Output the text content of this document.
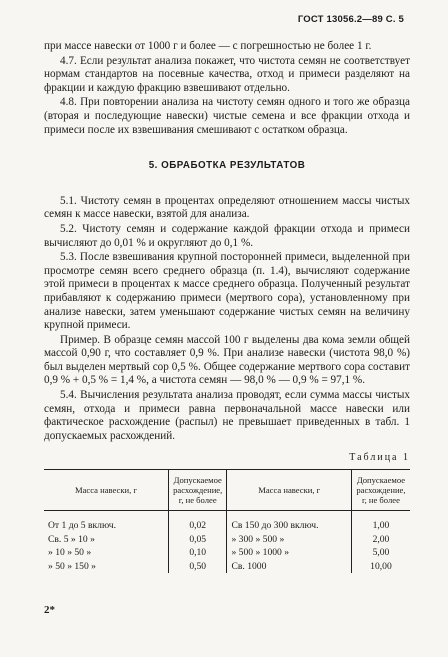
ГОСТ 13056.2—89 С. 5

при массе навески от 1000 г и более — с погрешностью не более 1 г.

4.7. Если результат анализа покажет, что чистота семян не соответствует нормам стандартов на посевные качества, отход и примеси разделяют на фракции и каждую фракцию взвешивают отдельно.

4.8. При повторении анализа на чистоту семян одного и того же образца (вторая и последующие навески) чистые семена и все фракции отхода и примеси после их взвешивания смешивают с остатком образца.

5. ОБРАБОТКА РЕЗУЛЬТАТОВ

5.1. Чистоту семян в процентах определяют отношением массы чистых семян к массе навески, взятой для анализа.

5.2. Чистоту семян и содержание каждой фракции отхода и примеси вычисляют до 0,01 % и округляют до 0,1 %.

5.3. После взвешивания крупной посторонней примеси, выделенной при просмотре семян всего среднего образца (п. 1.4), вычисляют содержание этой примеси в процентах к массе среднего образца. Полученный результат прибавляют к содержанию примеси (мертвого сора), установленному при анализе навески, затем уменьшают содержание чистых семян на величину крупной примеси.

Пример. В образце семян массой 100 г выделены два кома земли общей массой 0,90 г, что составляет 0,9 %. При анализе навески (чистота 98,0 %) был выделен мертвый сор 0,5 %. Общее содержание мертвого сора составит 0,9 % + 0,5 % = 1,4 %, а чистота семян — 98,0 % — 0,9 % = 97,1 %.

5.4. Вычисления результата анализа проводят, если сумма массы чистых семян, отхода и примеси равна первоначальной массе навески или фактическое расхождение (распыл) не превышает приведенных в табл. 1 допускаемых расхождений.

Таблица 1

Масса навески, г	Допускаемое расхождение, г, не более	Масса навески, г	Допускаемое расхождение, г, не более

От 1 до 5 включ.	0,02	Св 150 до 300 включ.	1,00
Св. 5 » 10 »	0,05	» 300 » 500 »	2,00
» 10 » 50 »	0,10	» 500 » 1000 »	5,00
» 50 » 150 »	0,50	Св. 1000	10,00
2*
